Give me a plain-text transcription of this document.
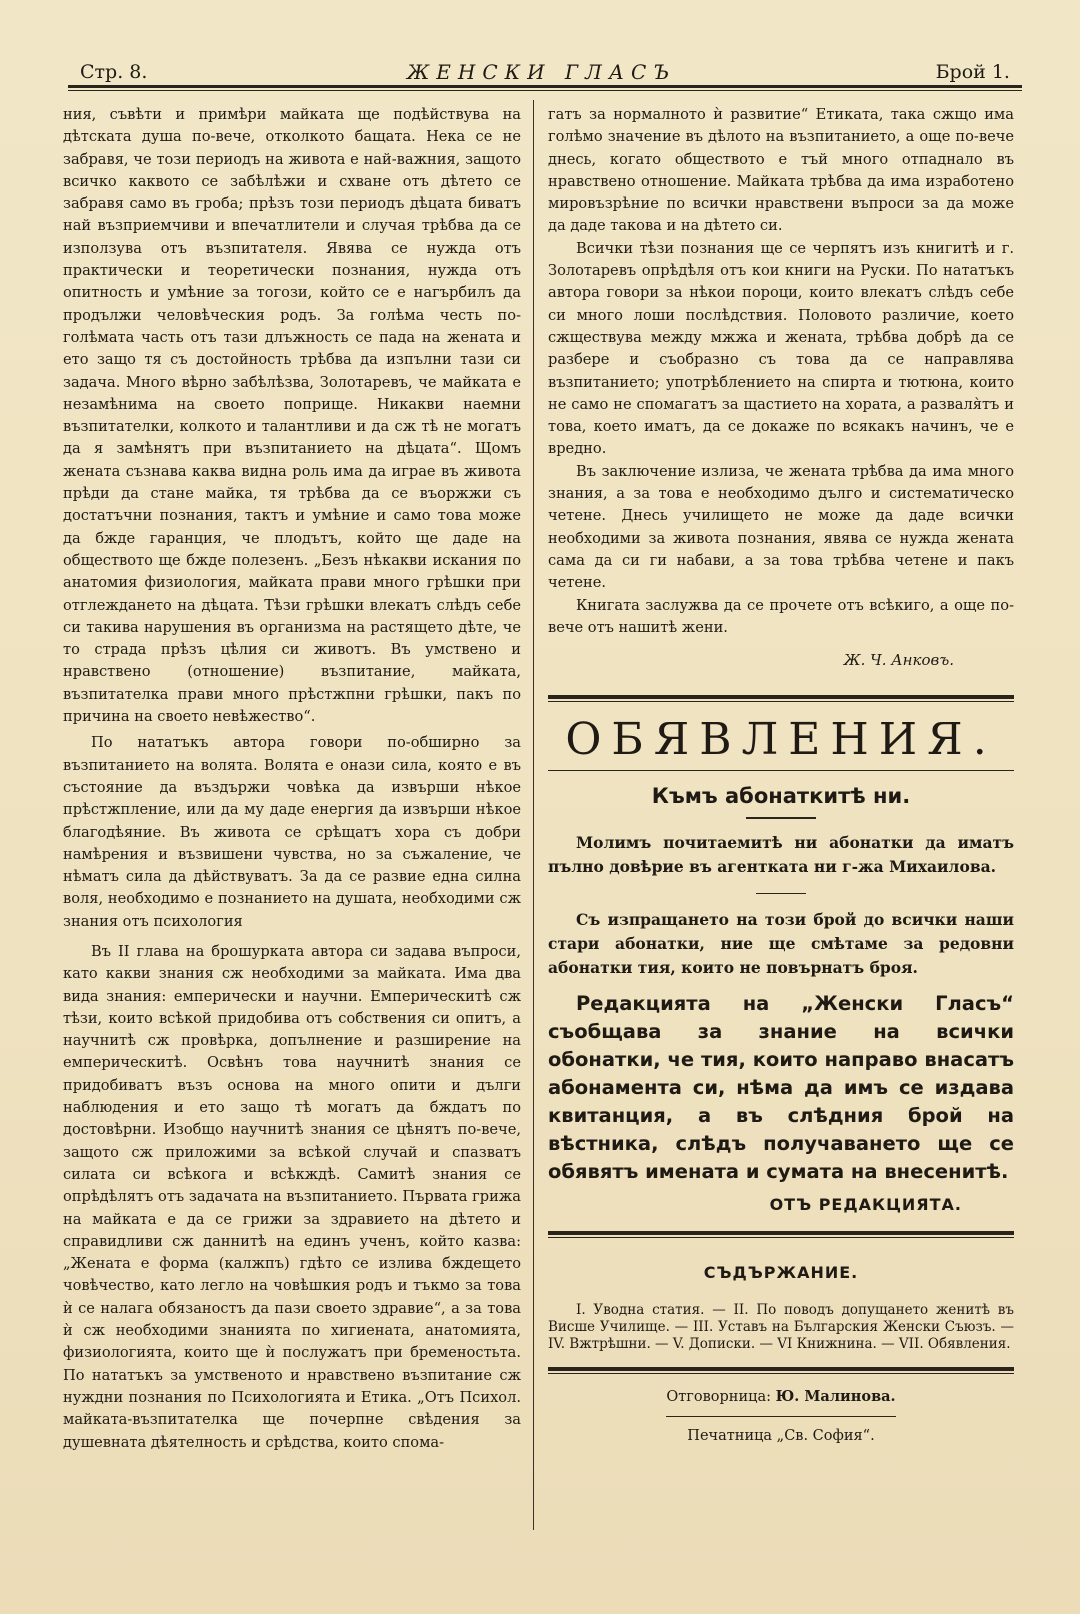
Стр. 8.	ЖЕНСКИ ГЛАСЪ	Брой 1.

ния, съвѣти и примѣри майката ще подѣйствува на дѣтската душа по-вече, отколкото бащата. Нека се не забравя, че този периодъ на живота е най-важния, защото всичко каквото се забѣлѣжи и схване отъ дѣтето се забравя само въ гроба; прѣзъ този периодъ дѣцата биватъ най възприемчиви и впечатлители и случая трѣбва да се използува отъ възпитателя. Явява се нужда отъ практически и теоретически познания, нужда отъ опитность и умѣние за тогози, който се е нагърбилъ да продължи человѣческия родъ. За голѣма честь по-голѣмата часть отъ тази длъжность се пада на жената и ето защо тя съ достойность трѣбва да изпълни тази си задача. Много вѣрно забѣлѣзва, Золотаревъ, че майката е незамѣнима на своето поприще. Никакви наемни възпитателки, колкото и талантливи и да сж тѣ не могатъ да я замѣнятъ при възпитанието на дѣцата“. Щомъ жената съзнава каква видна роль има да играе въ живота прѣди да стане майка, тя трѣбва да се въоржжи съ достатъчни познания, тактъ и умѣние и само това може да бжде гаранция, че плодътъ, който ще даде на обществото ще бжде полезенъ. „Безъ нѣкакви искания по анатомия физиология, майката прави много грѣшки при отглеждането на дѣцата. Тѣзи грѣшки влекатъ слѣдъ себе си такива нарушения въ организма на растящето дѣте, че то страда прѣзъ цѣлия си животъ. Въ умствено и нравствено (отношение) възпитание, майката, възпитателка прави много прѣстжпни грѣшки, пакъ по причина на своето невѣжество“.

По нататъкъ автора говори по-обширно за възпитанието на волята. Волята е онази сила, която е въ състояние да въздържи човѣка да извърши нѣкое прѣстжпление, или да му даде енергия да извърши нѣкое благодѣяние. Въ живота се срѣщатъ хора съ добри намѣрения и възвишени чувства, но за съжаление, че нѣматъ сила да дѣйствуватъ. За да се развие една силна воля, необходимо е познанието на душата, необходими сж знания отъ психология

Въ II глава на брошурката автора си задава въпроси, като какви знания сж необходими за майката. Има два вида знания: емперически и научни. Емперическитѣ сж тѣзи, които всѣкой придобива отъ собствения си опитъ, а научнитѣ сж провѣрка, допълнение и разширение на емперическитѣ. Освѣнъ това научнитѣ знания се придобиватъ възъ основа на много опити и дълги наблюдения и ето защо тѣ могатъ да бждатъ по достовѣрни. Изобщо научнитѣ знания се цѣнятъ по-вече, защото сж приложими за всѣкой случай и спазватъ силата си всѣкога и всѣкждѣ. Самитѣ знания се опрѣдѣлятъ отъ задачата на възпитанието. Първата грижа на майката е да се грижи за здравието на дѣтето и справидливи сж даннитѣ на единъ ученъ, който казва: „Жената е форма (калжпъ) гдѣто се излива бждещето човѣчество, като легло на човѣшкия родъ и тъкмо за това ѝ се налага обязаностъ да пази своето здравие“, а за това ѝ сж необходими знанията по хигиената, анатомията, физиологията, които ще ѝ послужатъ при бременостьта. По нататъкъ за умственото и нравствено възпитание сж нуждни познания по Психологията и Етика. „Отъ Психол. майката-възпитателка ще почерпне свѣдения за душевната дѣятелность и срѣдства, които спома-

гатъ за нормалното ѝ развитие“ Етиката, така сжщо има голѣмо значение въ дѣлото на възпитанието, а още по-вече днесь, когато обществото е тъй много отпаднало въ нравствено отношение. Майката трѣбва да има изработено мировъзрѣние по всички нравствени въпроси за да може да даде такова и на дѣтето си.

Всички тѣзи познания ще се черпятъ изъ книгитѣ и г. Золотаревъ опрѣдѣля отъ кои книги на Руски. По нататъкъ автора говори за нѣкои пороци, които влекатъ слѣдъ себе си много лоши послѣдствия. Половото различие, което сжществува между мжжа и жената, трѣбва добрѣ да се разбере и съобразно съ това да се направлява възпитанието; употрѣблението на спирта и тютюна, които не само не спомагатъ за щастието на хората, а разваля̀тъ и това, което иматъ, да се докаже по всякакъ начинъ, че е вредно.

Въ заключение излиза, че жената трѣбва да има много знания, а за това е необходимо дълго и систематическо четене. Днесь училището не може да даде всички необходими за живота познания, явява се нужда жената сама да си ги набави, а за това трѣбва четене и пакъ четене.

Книгата заслужва да се прочете отъ всѣкиго, а още по-вече отъ нашитѣ жени.

Ж. Ч. Анковъ.
ОБЯВЛЕНИЯ.
Къмъ абонаткитѣ ни.

Молимъ почитаемитѣ ни абонатки да иматъ пълно довѣрие въ агентката ни г-жа Михаилова.

Съ изпращането на този брой до всички наши стари абонатки, ние ще смѣтаме за редовни абонатки тия, които не повърнатъ броя.

Редакцията на „Женски Гласъ“ съобщава за знание на всички обонатки, че тия, които направо внасатъ абонамента си, нѣма да имъ се издава квитанция, а въ слѣдния брой на вѣстника, слѣдъ получаването ще се обявятъ имената и сумата на внесенитѣ.

ОТЪ РЕДАКЦИЯТА.
СЪДЪРЖАНИЕ.

I. Уводна статия. — II. По поводъ допущането женитѣ въ Висше Училище. — III. Уставъ на Българския Женски Съюзъ. — IV. Вжтрѣшни. — V. Дописки. — VI Книжнина. — VII. Обявления.

Отговорница: Ю. Малинова.
Печатница „Св. София“.
